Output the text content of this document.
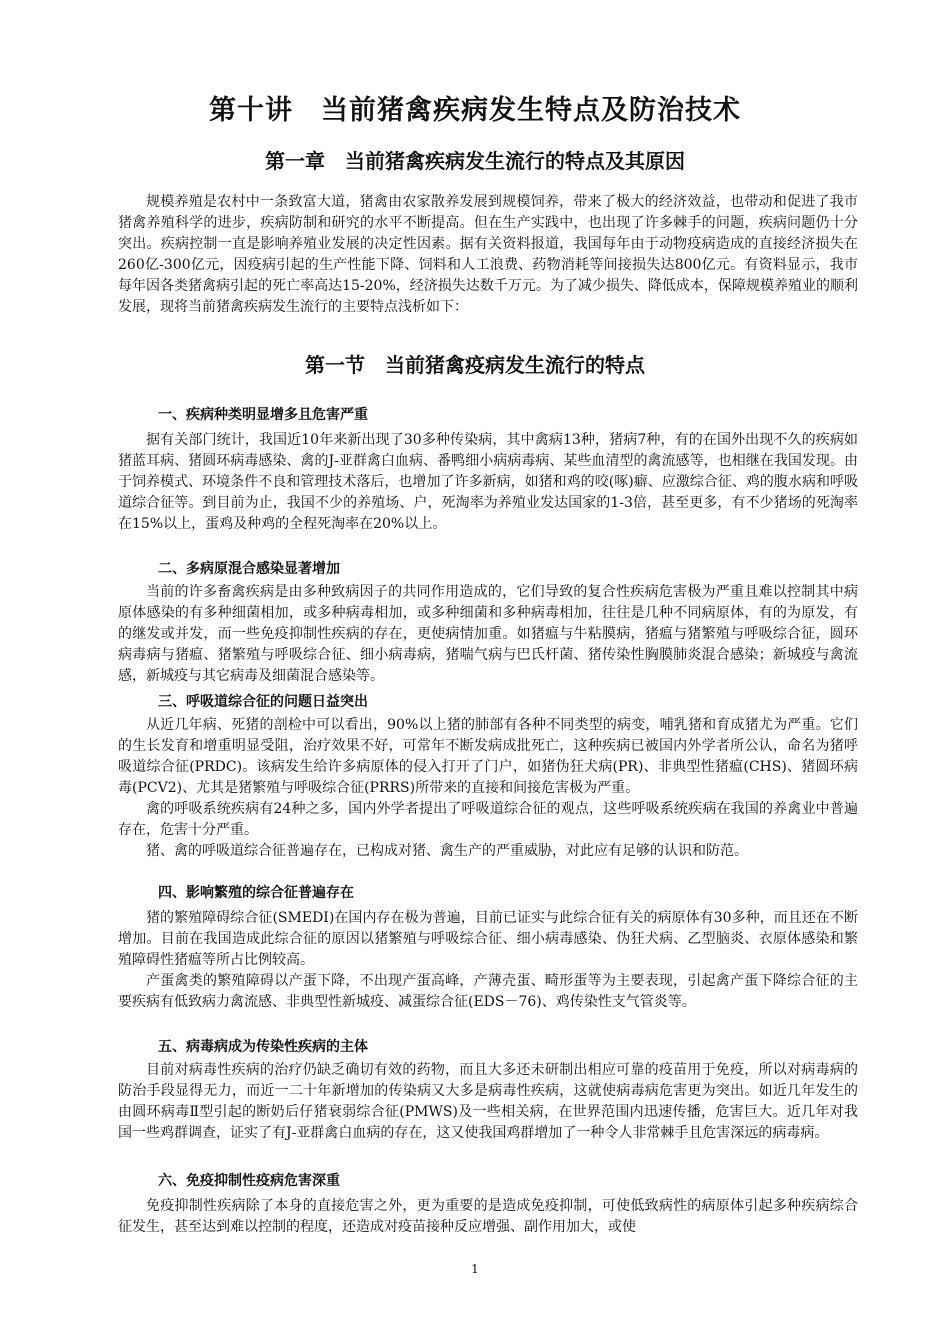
第十讲　当前猪禽疾病发生特点及防治技术
第一章　当前猪禽疾病发生流行的特点及其原因

规模养殖是农村中一条致富大道，猪禽由农家散养发展到规模饲养，带来了极大的经济效益，也带动和促进了我市猪禽养殖科学的进步，疾病防制和研究的水平不断提高。但在生产实践中，也出现了许多棘手的问题，疾病问题仍十分突出。疾病控制一直是影响养殖业发展的决定性因素。据有关资料报道，我国每年由于动物疫病造成的直接经济损失在260亿-300亿元，因疫病引起的生产性能下降、饲料和人工浪费、药物消耗等间接损失达800亿元。有资料显示，我市每年因各类猪禽病引起的死亡率高达15-20%，经济损失达数千万元。为了减少损失、降低成本，保障规模养殖业的顺利发展，现将当前猪禽疾病发生流行的主要特点浅析如下：

第一节　当前猪禽疫病发生流行的特点
一、疾病种类明显增多且危害严重

据有关部门统计，我国近10年来新出现了30多种传染病，其中禽病13种，猪病7种，有的在国外出现不久的疾病如猪蓝耳病、猪圆环病毒感染、禽的J-亚群禽白血病、番鸭细小病病毒病、某些血清型的禽流感等，也相继在我国发现。由于饲养模式、环境条件不良和管理技术落后，也增加了许多新病，如猪和鸡的咬(啄)癖、应激综合征、鸡的腹水病和呼吸道综合征等。到目前为止，我国不少的养殖场、户，死淘率为养殖业发达国家的1-3倍，甚至更多，有不少猪场的死淘率在15%以上，蛋鸡及种鸡的全程死淘率在20%以上。

二、多病原混合感染显著增加

当前的许多畜禽疾病是由多种致病因子的共同作用造成的，它们导致的复合性疾病危害极为严重且难以控制其中病原体感染的有多种细菌相加，或多种病毒相加，或多种细菌和多种病毒相加，往往是几种不同病原体，有的为原发，有的继发或并发，而一些免疫抑制性疾病的存在，更使病情加重。如猪瘟与牛粘膜病，猪瘟与猪繁殖与呼吸综合征，圆环病毒病与猪瘟、猪繁殖与呼吸综合征、细小病毒病，猪喘气病与巴氏杆菌、猪传染性胸膜肺炎混合感染；新城疫与禽流感，新城疫与其它病毒及细菌混合感染等。

三、呼吸道综合征的问题日益突出

从近几年病、死猪的剖检中可以看出，90%以上猪的肺部有各种不同类型的病变，哺乳猪和育成猪尤为严重。它们的生长发育和增重明显受阻，治疗效果不好，可常年不断发病成批死亡，这种疾病已被国内外学者所公认，命名为猪呼吸道综合征(PRDC)。该病发生给许多病原体的侵入打开了门户，如猪伪狂犬病(PR)、非典型性猪瘟(CHS)、猪圆环病毒(PCV2)、尤其是猪繁殖与呼吸综合征(PRRS)所带来的直接和间接危害极为严重。

禽的呼吸系统疾病有24种之多，国内外学者提出了呼吸道综合征的观点，这些呼吸系统疾病在我国的养禽业中普遍存在，危害十分严重。

猪、禽的呼吸道综合征普遍存在，已构成对猪、禽生产的严重威胁，对此应有足够的认识和防范。

四、影响繁殖的综合征普遍存在

猪的繁殖障碍综合征(SMEDI)在国内存在极为普遍，目前已证实与此综合征有关的病原体有30多种，而且还在不断增加。目前在我国造成此综合征的原因以猪繁殖与呼吸综合征、细小病毒感染、伪狂犬病、乙型脑炎、衣原体感染和繁殖障碍性猪瘟等所占比例较高。

产蛋禽类的繁殖障碍以产蛋下降，不出现产蛋高峰，产薄壳蛋、畸形蛋等为主要表现，引起禽产蛋下降综合征的主要疾病有低致病力禽流感、非典型性新城疫、减蛋综合征(EDS－76)、鸡传染性支气管炎等。

五、病毒病成为传染性疾病的主体

目前对病毒性疾病的治疗仍缺乏确切有效的药物，而且大多还未研制出相应可靠的疫苗用于免疫，所以对病毒病的防治手段显得无力，而近一二十年新增加的传染病又大多是病毒性疾病，这就使病毒病危害更为突出。如近几年发生的由圆环病毒Ⅱ型引起的断奶后仔猪衰弱综合征(PMWS)及一些相关病，在世界范围内迅速传播，危害巨大。近几年对我国一些鸡群调查，证实了有J-亚群禽白血病的存在，这又使我国鸡群增加了一种令人非常棘手且危害深远的病毒病。

六、免疫抑制性疫病危害深重

免疫抑制性疾病除了本身的直接危害之外，更为重要的是造成免疫抑制，可使低致病性的病原体引起多种疾病综合征发生，甚至达到难以控制的程度，还造成对疫苗接种反应增强、副作用加大，或使

1
